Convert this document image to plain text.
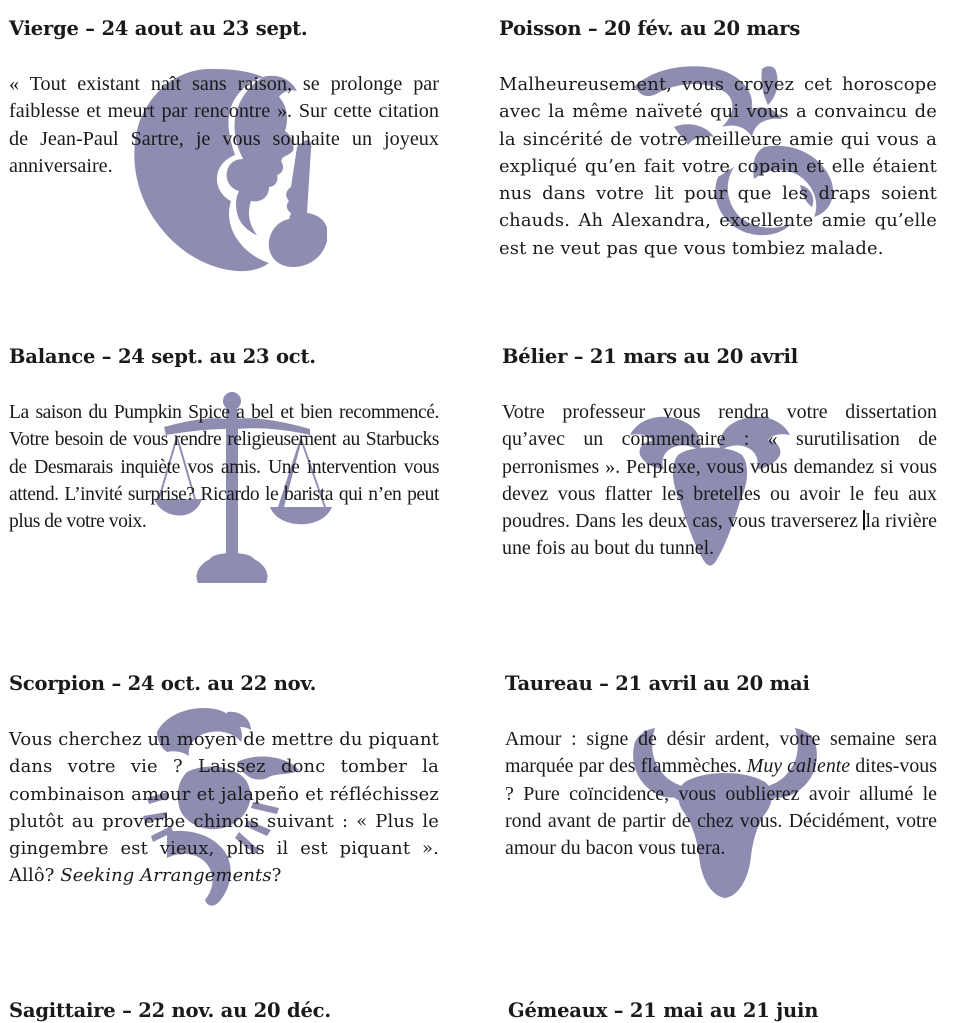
Vierge – 24 aout au 23 sept.
« Tout existant naît sans raison, se prolonge par faiblesse et meurt par rencontre ». Sur cette citation de Jean-Paul Sartre, je vous souhaite un joyeux anniversaire.
Poisson – 20 fév. au 20 mars
Malheureusement, vous croyez cet horoscope avec la même naïveté qui vous a convaincu de la sincérité de votre meilleure amie qui vous a expliqué qu’en fait votre copain et elle étaient nus dans votre lit pour que les draps soient chauds. Ah Alexandra, excellente amie qu’elle est ne veut pas que vous tombiez malade.
Balance – 24 sept. au 23 oct.
La saison du Pumpkin Spice a bel et bien recommencé. Votre besoin de vous rendre religieusement au Starbucks de Desmarais inquiète vos amis. Une intervention vous attend. L’invité surprise? Ricardo le barista qui n’en peut plus de votre voix.
Bélier – 21 mars au 20 avril
Votre professeur vous rendra votre dissertation qu’avec un commentaire : « surutilisation de perronismes ». Perplexe, vous vous demandez si vous devez vous flatter les bretelles ou avoir le feu aux poudres. Dans les deux cas, vous traverserez la rivière une fois au bout du tunnel.
Scorpion – 24 oct. au 22 nov.
Vous cherchez un moyen de mettre du piquant dans votre vie ? Laissez donc tomber la combinaison amour et jalapeño et réfléchissez plutôt au proverbe chinois suivant : « Plus le gingembre est vieux, plus il est piquant ». Allô? Seeking Arrangements?
Taureau – 21 avril au 20 mai
Amour : signe de désir ardent, votre semaine sera marquée par des flammèches. Muy caliente dites-vous ? Pure coïncidence, vous oublierez avoir allumé le rond avant de partir de chez vous. Décidément, votre amour du bacon vous tuera.
Sagittaire – 22 nov. au 20 déc.	Gémeaux – 21 mai au 21 juin
